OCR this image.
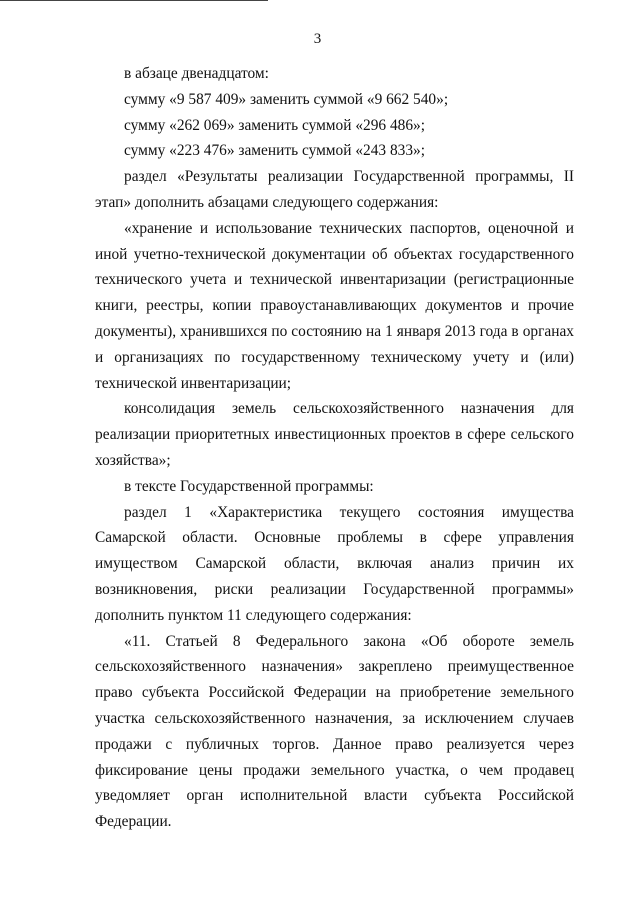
3

в абзаце двенадцатом:

сумму «9 587 409» заменить суммой «9 662 540»;

сумму «262 069» заменить суммой «296 486»;

сумму «223 476» заменить суммой «243 833»;

раздел «Результаты реализации Государственной программы, II этап» дополнить абзацами следующего содержания:

«хранение и использование технических паспортов, оценочной и иной учетно-технической документации об объектах государственного технического учета и технической инвентаризации (регистрационные книги, реестры, копии правоустанавливающих документов и прочие документы), хранившихся по состоянию на 1 января 2013 года в органах и организациях по государственному техническому учету и (или) технической инвентаризации;

консолидация земель сельскохозяйственного назначения для реализации приоритетных инвестиционных проектов в сфере сельского хозяйства»;

в тексте Государственной программы:

раздел 1 «Характеристика текущего состояния имущества Самарской области. Основные проблемы в сфере управления имуществом Самарской области, включая анализ причин их возникновения, риски реализации Государственной программы» дополнить пунктом 11 следующего содержания:

«11. Статьей 8 Федерального закона «Об обороте земель сельскохозяйственного назначения» закреплено преимущественное право субъекта Российской Федерации на приобретение земельного участка сельскохозяйственного назначения, за исключением случаев продажи с публичных торгов. Данное право реализуется через фиксирование цены продажи земельного участка, о чем продавец уведомляет орган исполнительной власти субъекта Российской Федерации.
